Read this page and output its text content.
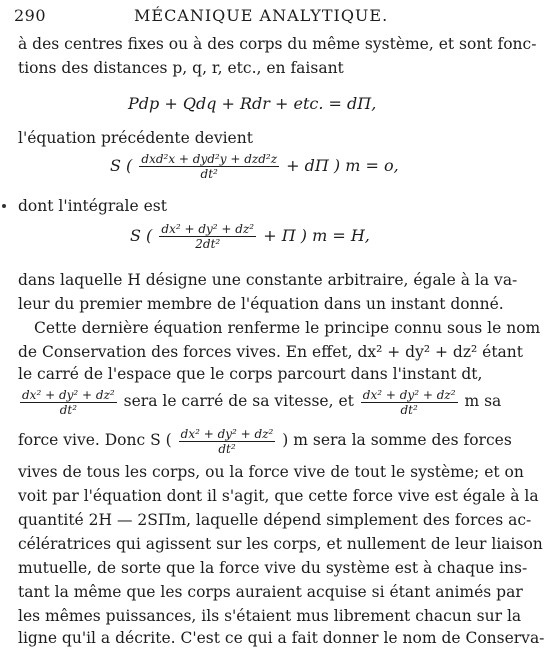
290	MÉCANIQUE ANALYTIQUE.
à des centres fixes ou à des corps du même système, et sont fonc-
tions des distances p, q, r, etc., en faisant
Pdp + Qdq + Rdr + etc. = dΠ,
l'équation précédente devient
S ( $\frac{\text{dxd²x + dyd²y + dzd²z}}{\text{dt²}} + d\Pi$ ) m = o,
dont l'intégrale est
S ( $\frac{\text{dx² + dy² + dz²}}{\text{2dt²}} + \Pi$ ) m = H,
dans laquelle H désigne une constante arbitraire, égale à la va-
leur du premier membre de l'équation dans un instant donné.
Cette dernière équation renferme le principe connu sous le nom
de Conservation des forces vives. En effet, dx² + dy² + dz² étant
le carré de l'espace que le corps parcourt dans l'instant dt,
$\frac{\text{dx² + dy² + dz²}}{\text{dt²}}$ sera le carré de sa vitesse, et $\frac{\text{dx² + dy² + dz²}}{\text{dt²}}$ m sa
force vive. Donc S ( $\frac{\text{dx² + dy² + dz²}}{\text{dt²}}$ ) m sera la somme des forces
vives de tous les corps, ou la force vive de tout le système; et on
voit par l'équation dont il s'agit, que cette force vive est égale à la
quantité 2H — 2SΠm, laquelle dépend simplement des forces ac-
célératrices qui agissent sur les corps, et nullement de leur liaison
mutuelle, de sorte que la force vive du système est à chaque ins-
tant la même que les corps auraient acquise si étant animés par
les mêmes puissances, ils s'étaient mus librement chacun sur la
ligne qu'il a décrite. C'est ce qui a fait donner le nom de Conserva-
